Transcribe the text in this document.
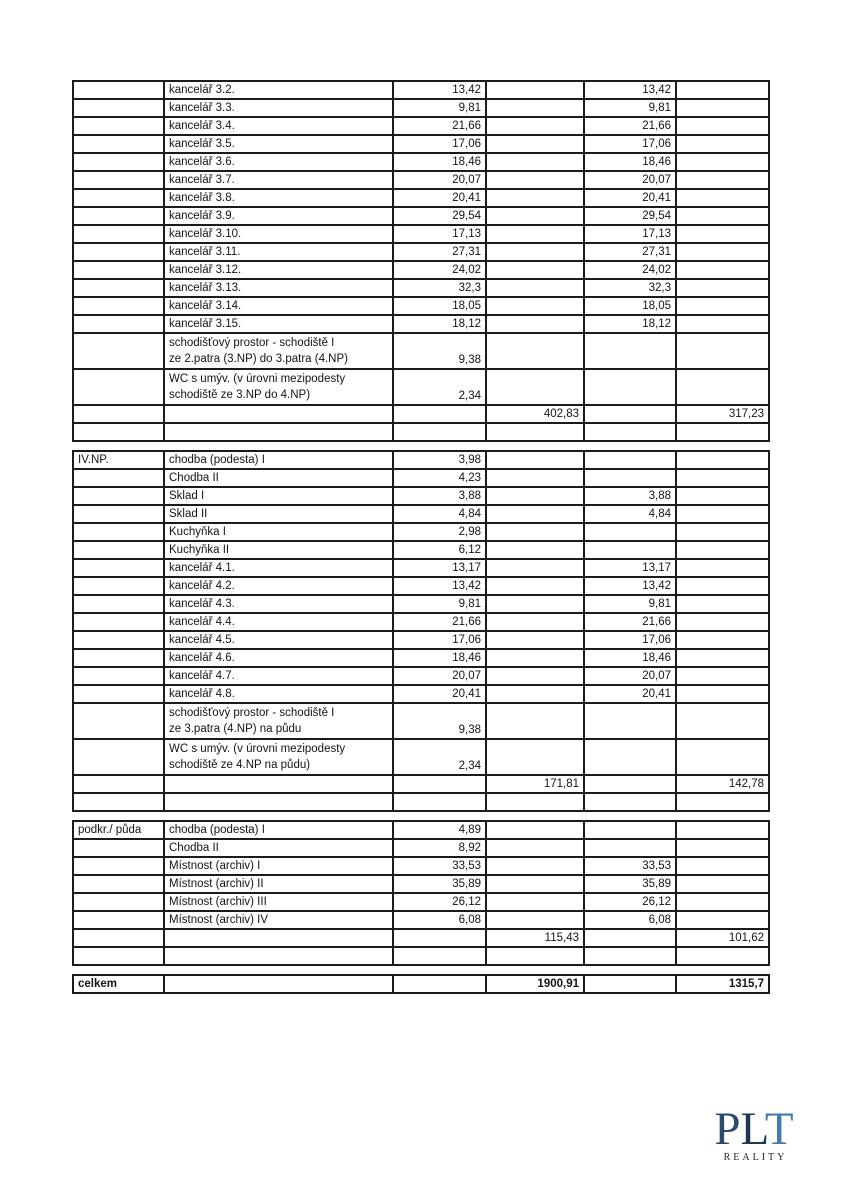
	kancelář 3.2.	13,42		13,42	
	kancelář 3.3.	9,81		9,81	
	kancelář 3.4.	21,66		21,66	
	kancelář 3.5.	17,06		17,06	
	kancelář 3.6.	18,46		18,46	
	kancelář 3.7.	20,07		20,07	
	kancelář 3.8.	20,41		20,41	
	kancelář 3.9.	29,54		29,54	
	kancelář 3.10.	17,13		17,13	
	kancelář 3.11.	27,31		27,31	
	kancelář 3.12.	24,02		24,02	
	kancelář 3.13.	32,3		32,3	
	kancelář 3.14.	18,05		18,05	
	kancelář 3.15.	18,12		18,12	

	schodišťový prostor - schodiště I
ze 2.patra (3.NP) do 3.patra (4.NP)	9,38			

	WC s umýv. (v úrovni mezipodesty
schodiště ze 3.NP do 4.NP)	2,34			
			402,83		317,23

IV.NP.	chodba (podesta) I	3,98			
	Chodba II	4,23			
	Sklad I	3,88		3,88	
	Sklad II	4,84		4,84	
	Kuchyňka I	2,98			
	Kuchyňka II	6,12			
	kancelář 4.1.	13,17		13,17	
	kancelář 4.2.	13,42		13,42	
	kancelář 4.3.	9,81		9,81	
	kancelář 4.4.	21,66		21,66	
	kancelář 4.5.	17,06		17,06	
	kancelář 4.6.	18,46		18,46	
	kancelář 4.7.	20,07		20,07	
	kancelář 4.8.	20,41		20,41	

	schodišťový prostor - schodiště I
ze 3.patra (4.NP) na půdu	9,38			

	WC s umýv. (v úrovni mezipodesty
schodiště ze 4.NP na půdu)	2,34			
			171,81		142,78

podkr./ půda	chodba (podesta) I	4,89			
	Chodba II	8,92			
	Místnost (archiv) I	33,53		33,53	
	Místnost (archiv) II	35,89		35,89	
	Místnost (archiv) III	26,12		26,12	
	Místnost (archiv) IV	6,08		6,08	
			115,43		101,62

celkem			1900,91		1315,7
PLT
REALITY
